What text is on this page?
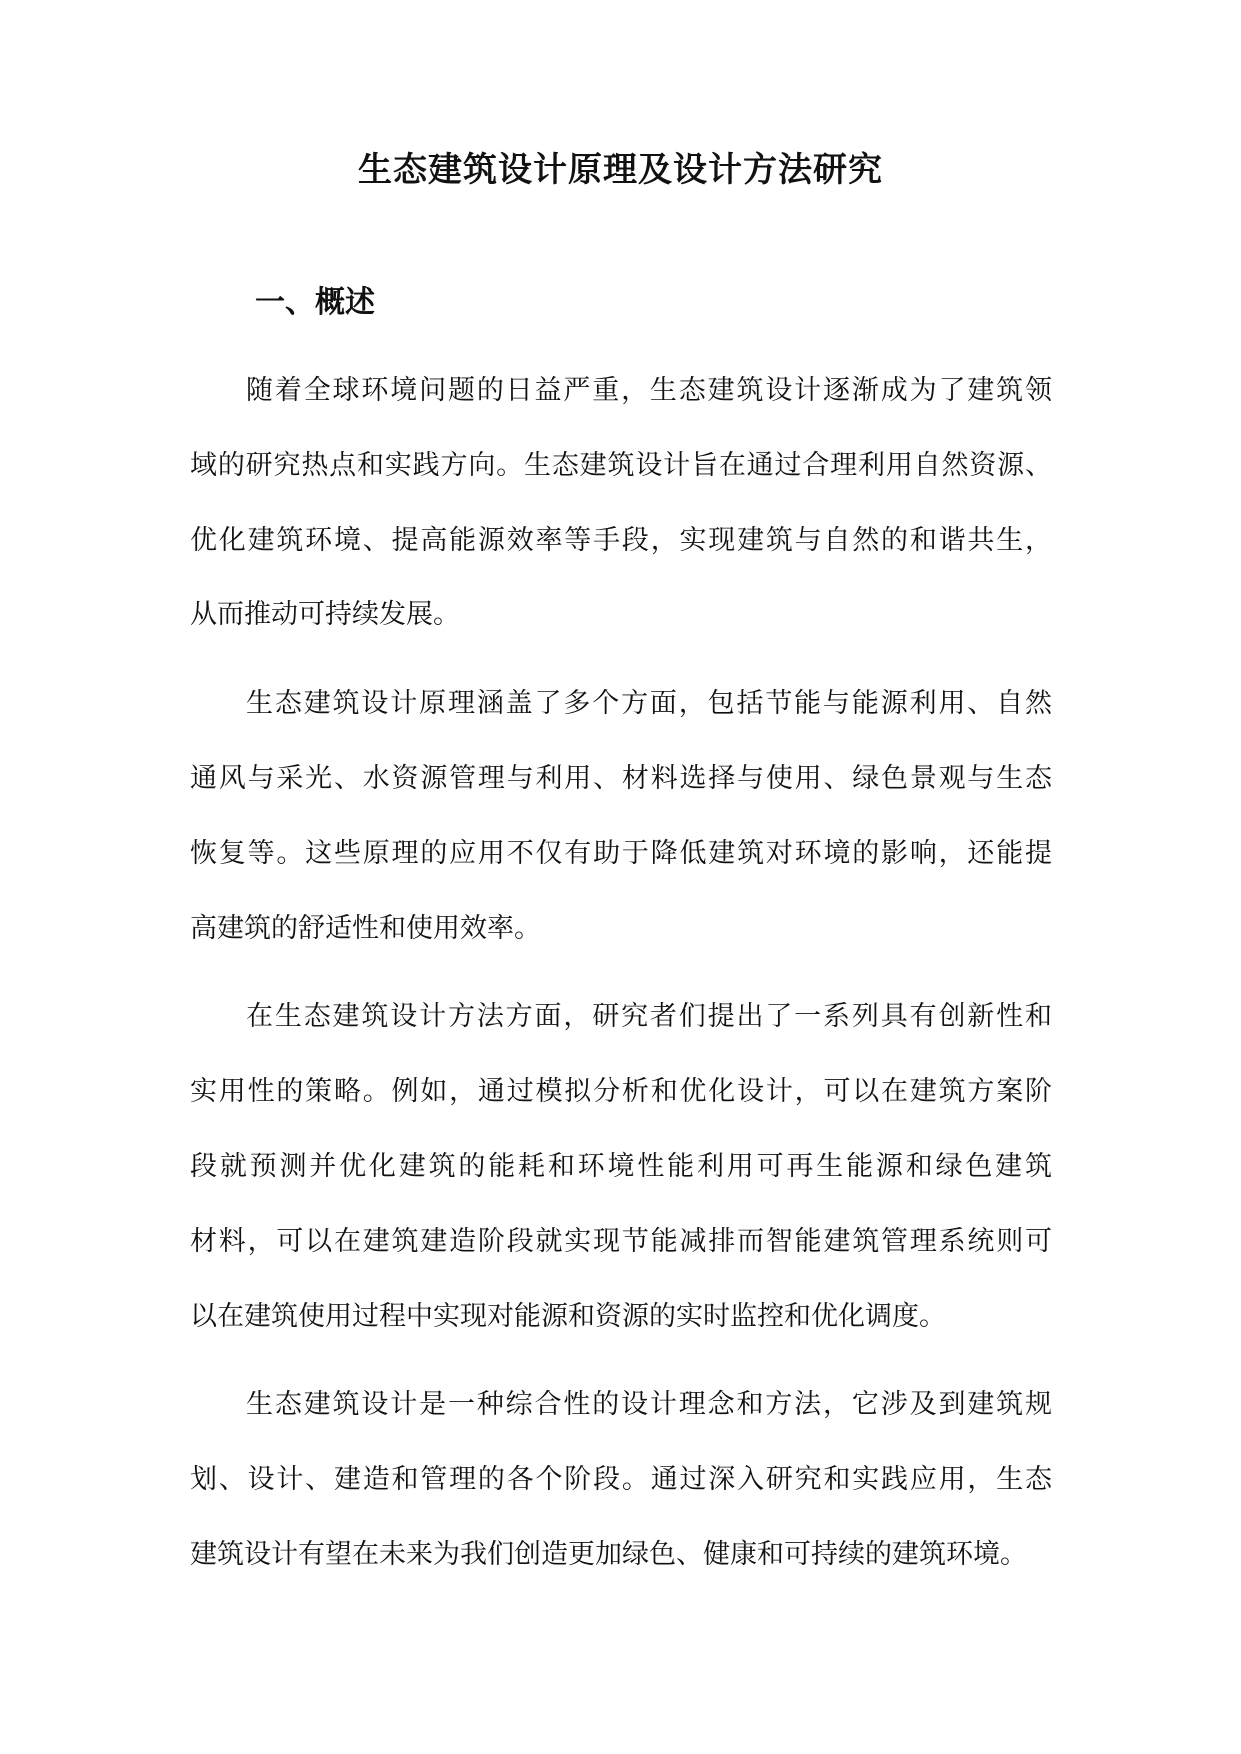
生态建筑设计原理及设计方法研究
一、概述

随着全球环境问题的日益严重，生态建筑设计逐渐成为了建筑领
域的研究热点和实践方向。生态建筑设计旨在通过合理利用自然资源、
优化建筑环境、提高能源效率等手段，实现建筑与自然的和谐共生，
从而推动可持续发展。

生态建筑设计原理涵盖了多个方面，包括节能与能源利用、自然
通风与采光、水资源管理与利用、材料选择与使用、绿色景观与生态
恢复等。这些原理的应用不仅有助于降低建筑对环境的影响，还能提
高建筑的舒适性和使用效率。

在生态建筑设计方法方面，研究者们提出了一系列具有创新性和
实用性的策略。例如，通过模拟分析和优化设计，可以在建筑方案阶
段就预测并优化建筑的能耗和环境性能利用可再生能源和绿色建筑
材料，可以在建筑建造阶段就实现节能减排而智能建筑管理系统则可
以在建筑使用过程中实现对能源和资源的实时监控和优化调度。

生态建筑设计是一种综合性的设计理念和方法，它涉及到建筑规
划、设计、建造和管理的各个阶段。通过深入研究和实践应用，生态
建筑设计有望在未来为我们创造更加绿色、健康和可持续的建筑环境。
